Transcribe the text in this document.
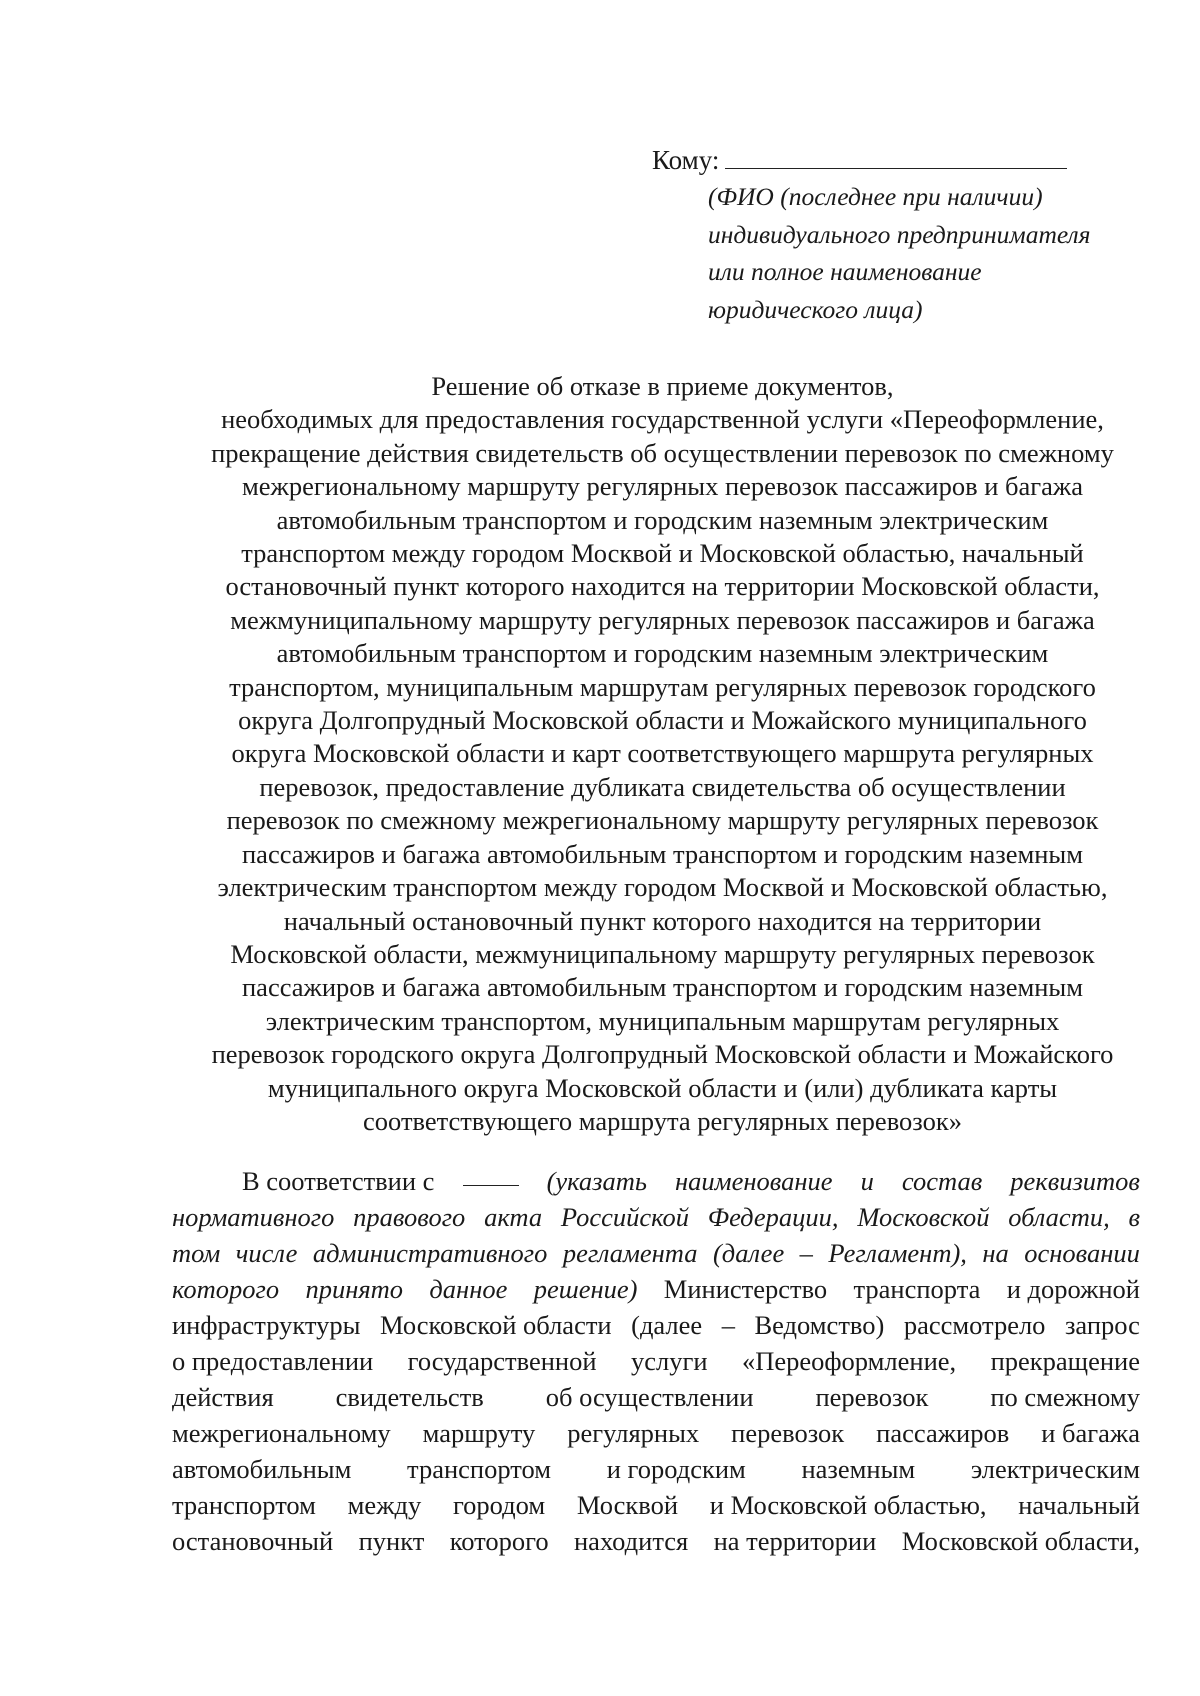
Кому:
(ФИО (последнее при наличии)
индивидуального предпринимателя
или полное наименование
юридического лица)
Решение об отказе в приеме документов,
необходимых для предоставления государственной услуги «Переоформление,
прекращение действия свидетельств об осуществлении перевозок по смежному
межрегиональному маршруту регулярных перевозок пассажиров и багажа
автомобильным транспортом и городским наземным электрическим
транспортом между городом Москвой и Московской областью, начальный
остановочный пункт которого находится на территории Московской области,
межмуниципальному маршруту регулярных перевозок пассажиров и багажа
автомобильным транспортом и городским наземным электрическим
транспортом, муниципальным маршрутам регулярных перевозок городского
округа Долгопрудный Московской области и Можайского муниципального
округа Московской области и карт соответствующего маршрута регулярных
перевозок, предоставление дубликата свидетельства об осуществлении
перевозок по смежному межрегиональному маршруту регулярных перевозок
пассажиров и багажа автомобильным транспортом и городским наземным
электрическим транспортом между городом Москвой и Московской областью,
начальный остановочный пункт которого находится на территории
Московской области, межмуниципальному маршруту регулярных перевозок
пассажиров и багажа автомобильным транспортом и городским наземным
электрическим транспортом, муниципальным маршрутам регулярных
перевозок городского округа Долгопрудный Московской области и Можайского
муниципального округа Московской области и (или) дубликата карты
соответствующего маршрута регулярных перевозок»
В соответствии с	(указать наименование и состав реквизитов
нормативного правового акта Российской Федерации, Московской области, в
том числе административного регламента (далее – Регламент), на основании
которого принято данное решение) Министерство транспорта и дорожной
инфраструктуры Московской области (далее – Ведомство) рассмотрело запрос
о предоставлении государственной услуги «Переоформление, прекращение
действия свидетельств об осуществлении перевозок по смежному
межрегиональному маршруту регулярных перевозок пассажиров и багажа
автомобильным транспортом и городским наземным электрическим
транспортом между городом Москвой и Московской областью, начальный
остановочный пункт которого находится на территории Московской области,
